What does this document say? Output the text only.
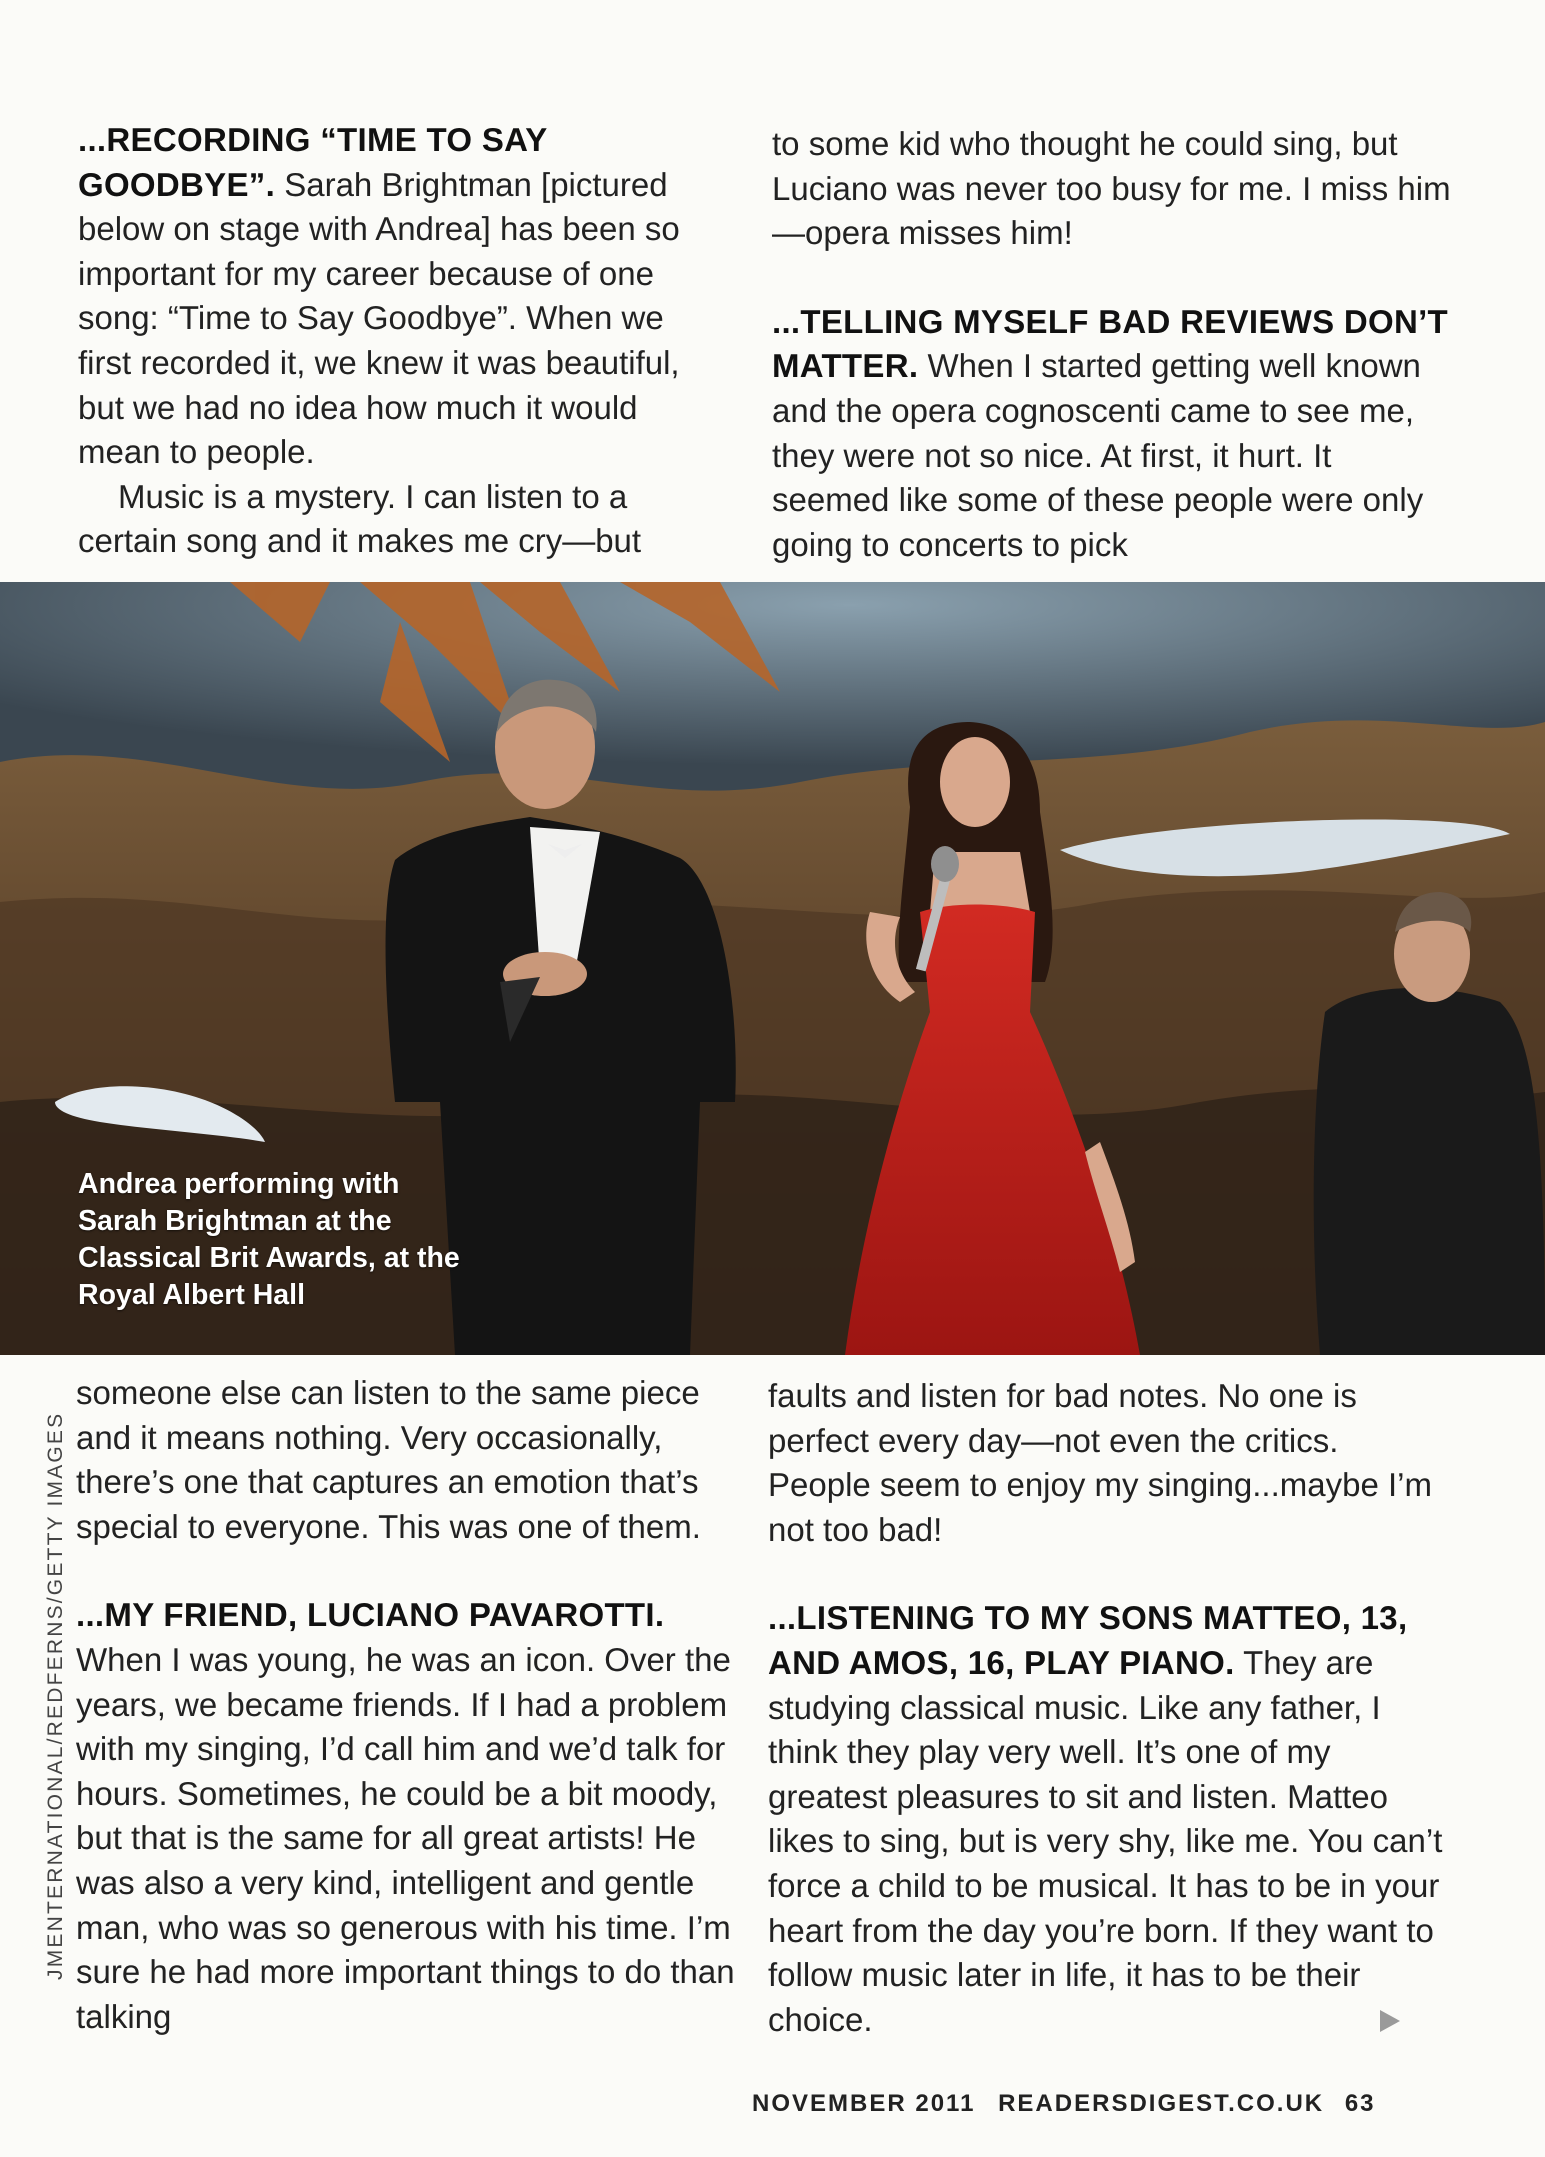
...RECORDING “TIME TO SAY GOODBYE”. Sarah Brightman [pictured below on stage with Andrea] has been so important for my career because of one song: “Time to Say Goodbye”. When we first recorded it, we knew it was beautiful, but we had no idea how much it would mean to people.

Music is a mystery. I can listen to a certain song and it makes me cry—but

to some kid who thought he could sing, but Luciano was never too busy for me. I miss him—opera misses him!

...TELLING MYSELF BAD REVIEWS DON’T MATTER. When I started getting well known and the opera cognoscenti came to see me, they were not so nice. At first, it hurt. It seemed like some of these people were only going to concerts to pick

Andrea performing with Sarah Brightman at the Classical Brit Awards, at the Royal Albert Hall

someone else can listen to the same piece and it means nothing. Very occasionally, there’s one that captures an emotion that’s special to everyone. This was one of them.

...MY FRIEND, LUCIANO PAVAROTTI. When I was young, he was an icon. Over the years, we became friends. If I had a problem with my singing, I’d call him and we’d talk for hours. Sometimes, he could be a bit moody, but that is the same for all great artists! He was also a very kind, intelligent and gentle man, who was so generous with his time. I’m sure he had more important things to do than talking

faults and listen for bad notes. No one is perfect every day—not even the critics. People seem to enjoy my singing...maybe I’m not too bad!

...LISTENING TO MY SONS MATTEO, 13, AND AMOS, 16, PLAY PIANO. They are studying classical music. Like any father, I think they play very well. It’s one of my greatest pleasures to sit and listen. Matteo likes to sing, but is very shy, like me. You can’t force a child to be musical. It has to be in your heart from the day you’re born. If they want to follow music later in life, it has to be their choice.

JMENTERNATIONAL/REDFERNS/GETTY IMAGES
NOVEMBER 2011 READERSDIGEST.CO.UK 63
